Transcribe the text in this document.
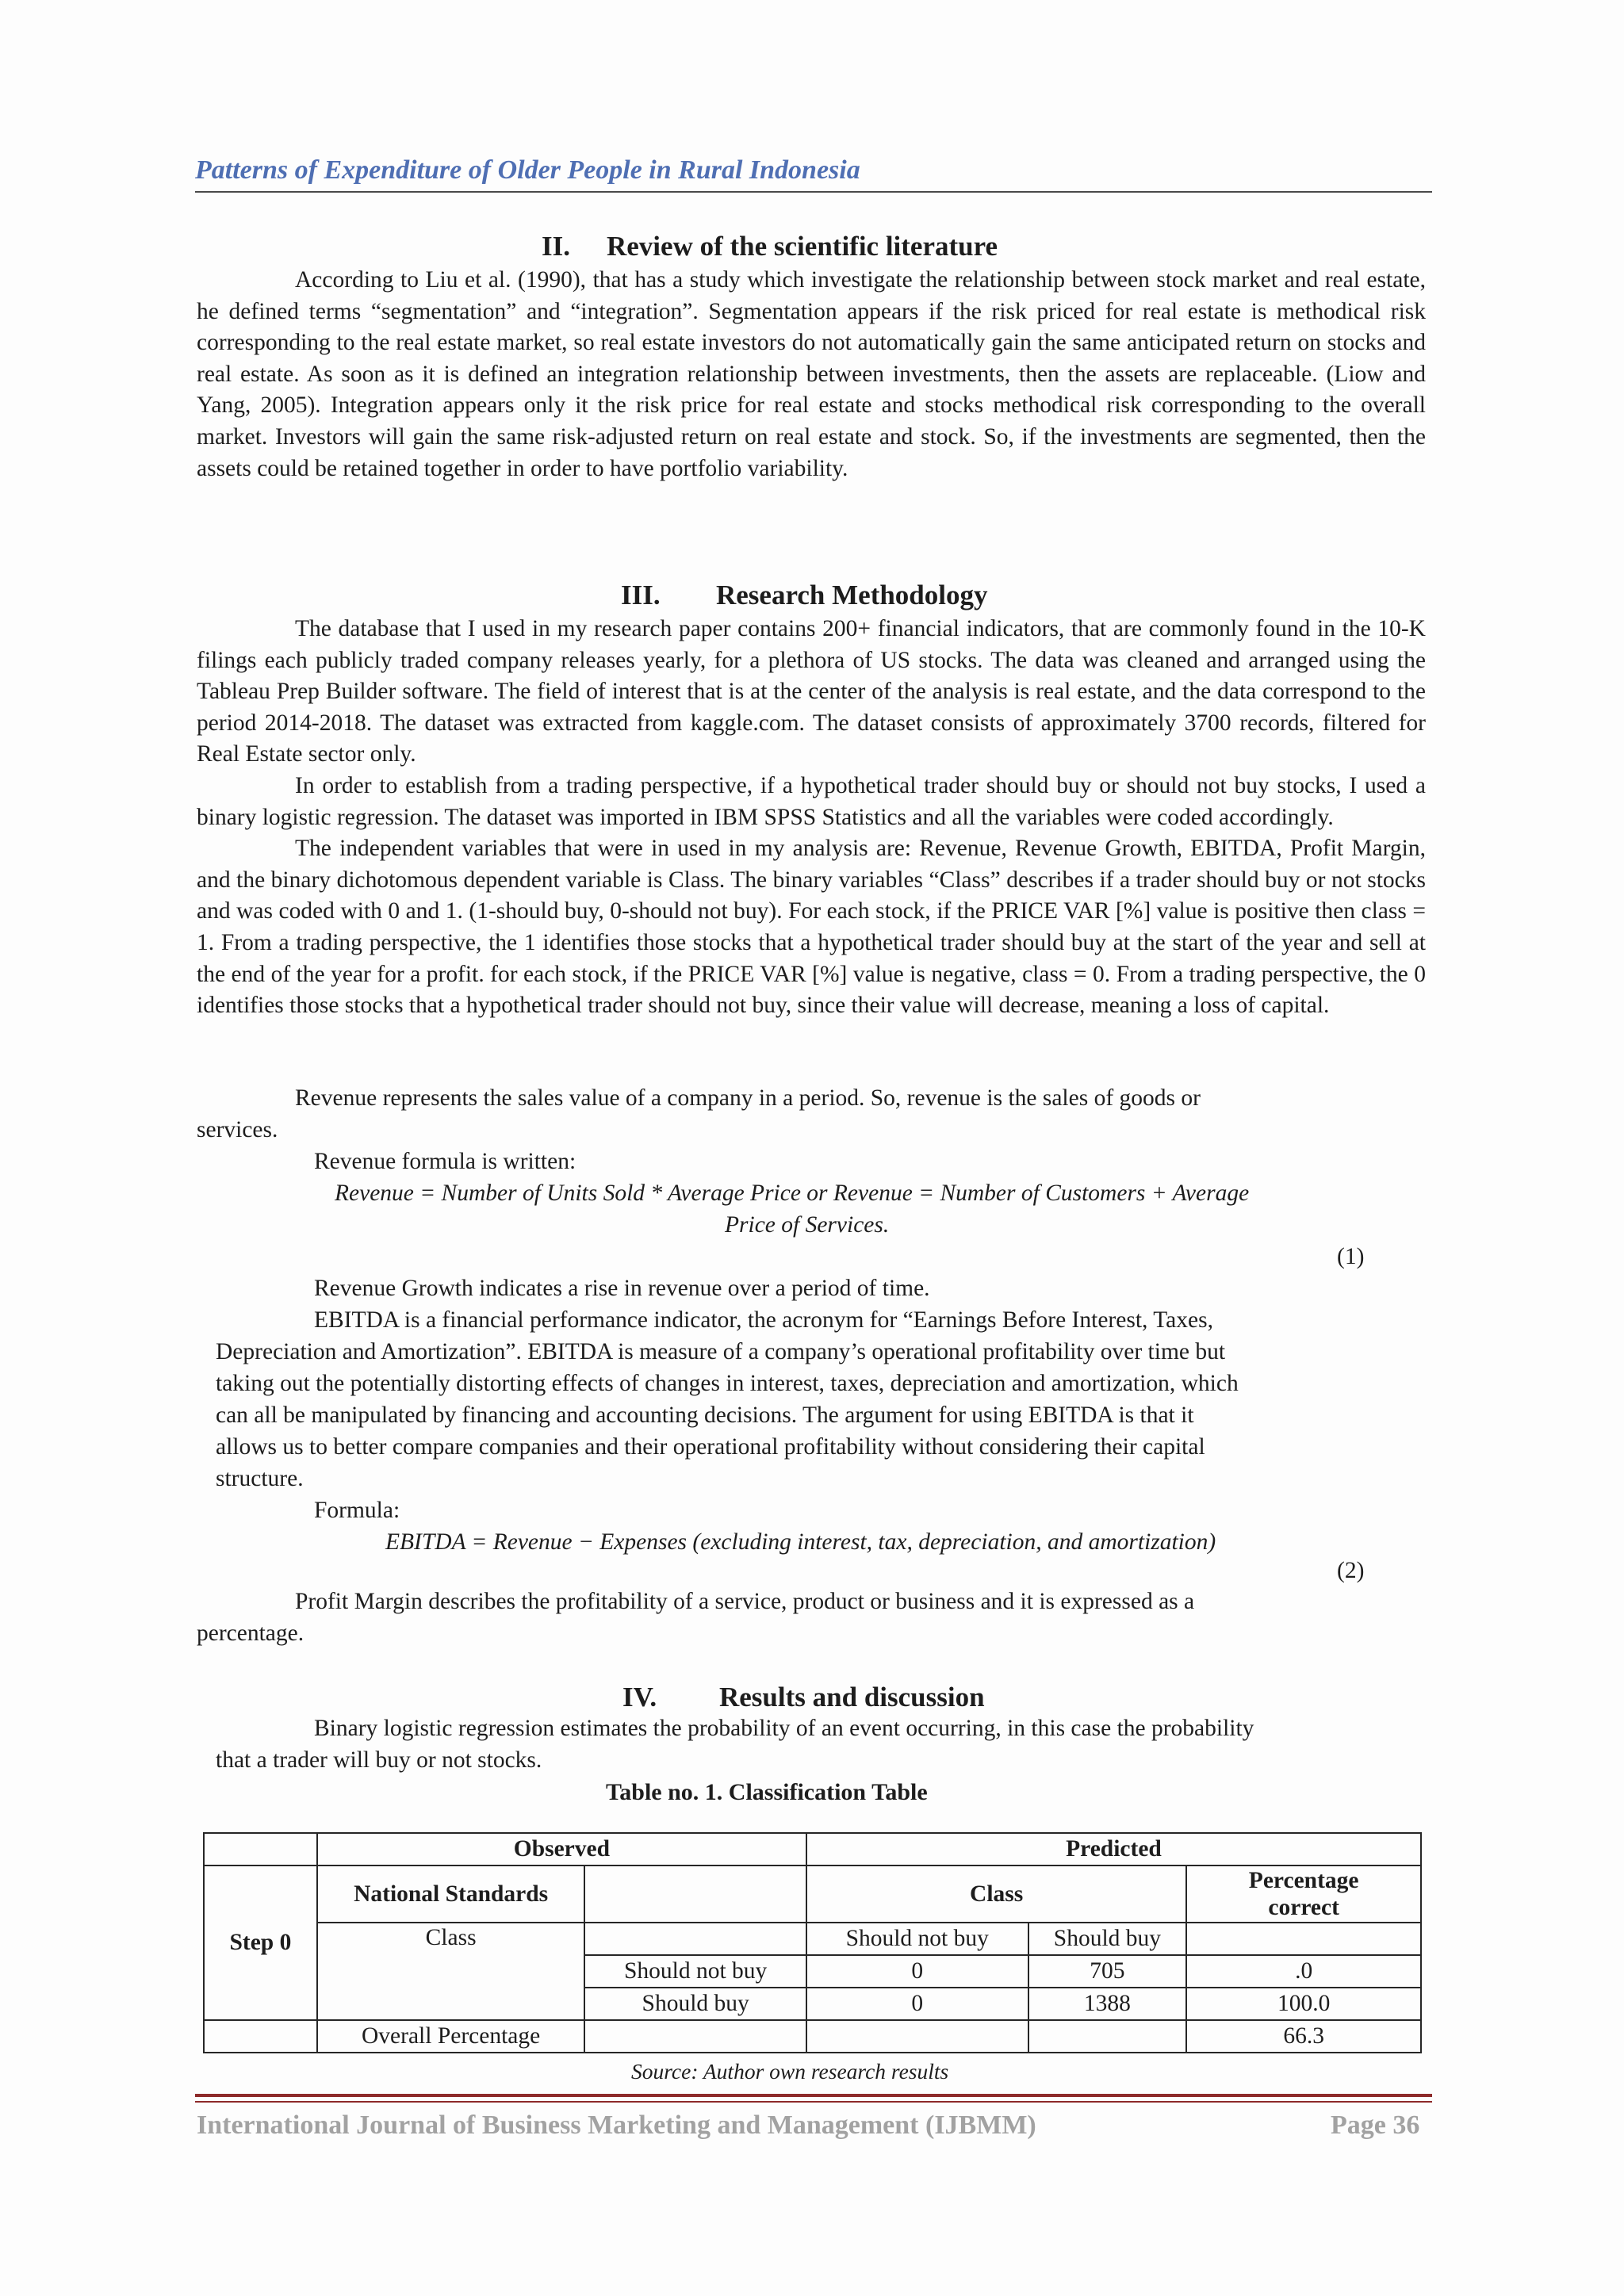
Patterns of Expenditure of Older People in Rural Indonesia
II. Review of the scientific literature

According to Liu et al. (1990), that has a study which investigate the relationship between stock market and real estate, he defined terms “segmentation” and “integration”. Segmentation appears if the risk priced for real estate is methodical risk corresponding to the real estate market, so real estate investors do not automatically gain the same anticipated return on stocks and real estate. As soon as it is defined an integration relationship between investments, then the assets are replaceable. (Liow and Yang, 2005). Integration appears only it the risk price for real estate and stocks methodical risk corresponding to the overall market. Investors will gain the same risk-adjusted return on real estate and stock. So, if the investments are segmented, then the assets could be retained together in order to have portfolio variability.

III. Research Methodology

The database that I used in my research paper contains 200+ financial indicators, that are commonly found in the 10-K filings each publicly traded company releases yearly, for a plethora of US stocks. The data was cleaned and arranged using the Tableau Prep Builder software. The field of interest that is at the center of the analysis is real estate, and the data correspond to the period 2014-2018. The dataset was extracted from kaggle.com. The dataset consists of approximately 3700 records, filtered for Real Estate sector only.

In order to establish from a trading perspective, if a hypothetical trader should buy or should not buy stocks, I used a binary logistic regression. The dataset was imported in IBM SPSS Statistics and all the variables were coded accordingly.

The independent variables that were in used in my analysis are: Revenue, Revenue Growth, EBITDA, Profit Margin, and the binary dichotomous dependent variable is Class. The binary variables “Class” describes if a trader should buy or not stocks and was coded with 0 and 1. (1-should buy, 0-should not buy). For each stock, if the PRICE VAR [%] value is positive then class = 1. From a trading perspective, the 1 identifies those stocks that a hypothetical trader should buy at the start of the year and sell at the end of the year for a profit. for each stock, if the PRICE VAR [%] value is negative, class = 0. From a trading perspective, the 0 identifies those stocks that a hypothetical trader should not buy, since their value will decrease, meaning a loss of capital.

Revenue represents the sales value of a company in a period. So, revenue is the sales of goods or
services.
Revenue formula is written:
Revenue = Number of Units Sold * Average Price or Revenue = Number of Customers + Average
Price of Services.
(1)
Revenue Growth indicates a rise in revenue over a period of time.
EBITDA is a financial performance indicator, the acronym for “Earnings Before Interest, Taxes,
Depreciation and Amortization”. EBITDA is measure of a company’s operational profitability over time but
taking out the potentially distorting effects of changes in interest, taxes, depreciation and amortization, which
can all be manipulated by financing and accounting decisions. The argument for using EBITDA is that it
allows us to better compare companies and their operational profitability without considering their capital
structure.
Formula:
EBITDA = Revenue − Expenses (excluding interest, tax, depreciation, and amortization)
(2)
Profit Margin describes the profitability of a service, product or business and it is expressed as a
percentage.
IV. Results and discussion
Binary logistic regression estimates the probability of an event occurring, in this case the probability
that a trader will buy or not stocks.
Table no. 1. Classification Table
	Observed		Predicted		
Step 0	National Standards		Class		Percentage
correct
	Class		Should not buy	Should buy	
		Should not buy	0	705	.0
		Should buy	0	1388	100.0
	Overall Percentage				66.3
Source: Author own research results
International Journal of Business Marketing and Management (IJBMM)	Page 36
